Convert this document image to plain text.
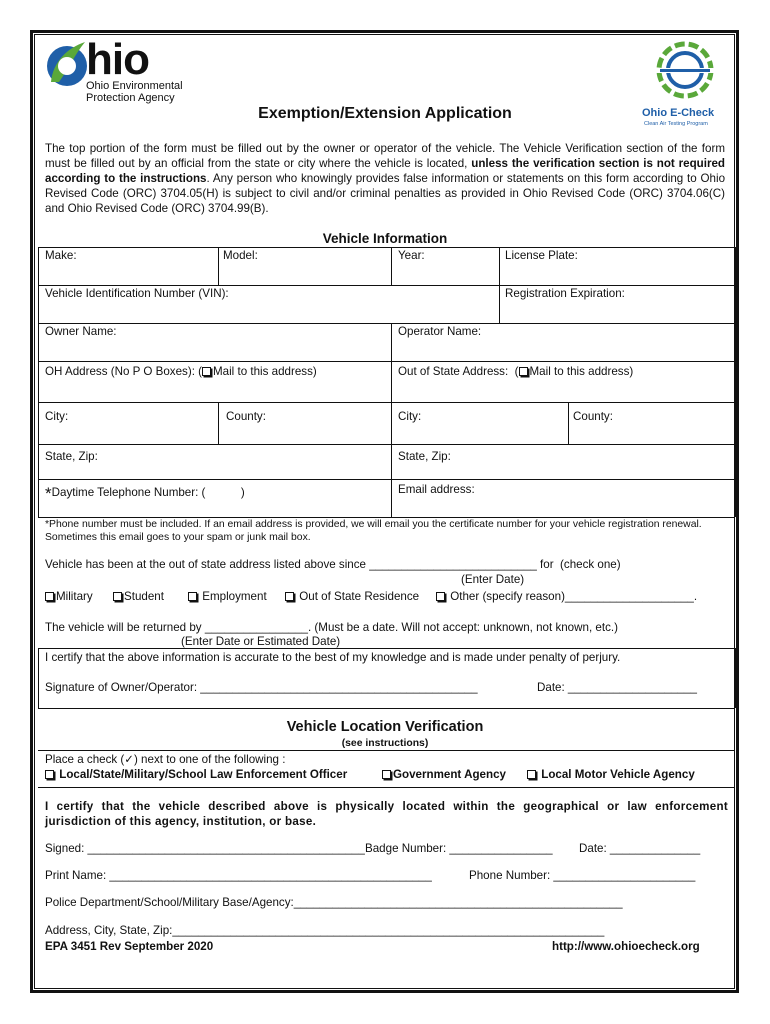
hio
Ohio Environmental
Protection Agency
Ohio E-Check
Clean Air Testing Program
Exemption/Extension Application
The top portion of the form must be filled out by the owner or operator of the vehicle. The Vehicle Verification section of the form must be filled out by an official from the state or city where the vehicle is located, unless the verification section is not required according to the instructions. Any person who knowingly provides false information or statements on this form according to Ohio Revised Code (ORC) 3704.05(H) is subject to civil and/or criminal penalties as provided in Ohio Revised Code (ORC) 3704.06(C) and Ohio Revised Code (ORC) 3704.99(B).
Vehicle Information
Make:	Model:	Year:	License Plate:
Vehicle Identification Number (VIN):	Registration Expiration:
Owner Name:	Operator Name:
OH Address (No P O Boxes): ( Mail to this address)	Out of State Address:  ( Mail to this address)
City:	County:	City:	County:
State, Zip:	State, Zip:
*Daytime Telephone Number: (           )	Email address:
*Phone number must be included. If an email address is provided, we will email you the certificate number for your vehicle registration renewal. Sometimes this email goes to your spam or junk mail box.
Vehicle has been at the out of state address listed above since __________________________ for  (check one)
(Enter Date)
Military	Student	Employment	Out of State Residence	Other (specify reason)____________________.
The vehicle will be returned by ________________. (Must be a date. Will not accept: unknown, not known, etc.)
(Enter Date or Estimated Date)
I certify that the above information is accurate to the best of my knowledge and is made under penalty of perjury.
Signature of Owner/Operator: ___________________________________________	Date: ____________________
Vehicle Location Verification
(see instructions)
Place a check (✓) next to one of the following :
Local/State/Military/School Law Enforcement Officer	Government Agency	Local Motor Vehicle Agency
I certify that the vehicle described above is physically located within the geographical or law enforcement jurisdiction of this agency, institution, or base.
Signed: ___________________________________________ Badge Number: ________________ Date: ______________
Print Name: __________________________________________________	Phone Number: ______________________
Police Department/School/Military Base/Agency:___________________________________________________
Address, City, State, Zip:___________________________________________________________________
EPA 3451 Rev September 2020	http://www.ohioecheck.org
